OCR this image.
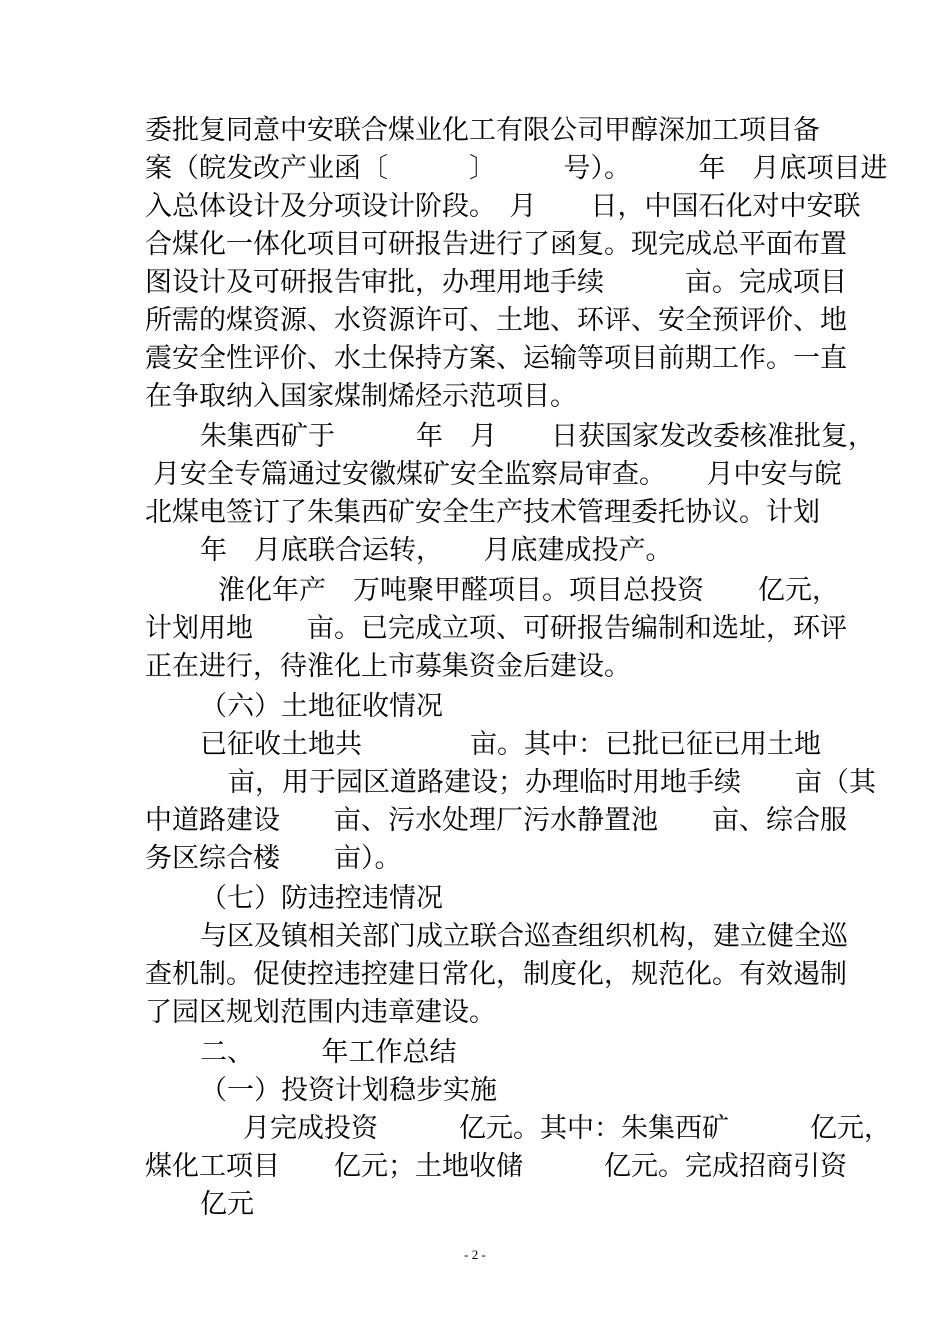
委批复同意中安联合煤业化工有限公司甲醇深加工项目备
案（皖发改产业函〔　　　〕　　　号）。　　　年　月底项目进
入总体设计及分项设计阶段。　月　　日，中国石化对中安联
合煤化一体化项目可研报告进行了函复。现完成总平面布置
图设计及可研报告审批，办理用地手续　　　亩。完成项目
所需的煤资源、水资源许可、土地、环评、安全预评价、地
震安全性评价、水土保持方案、运输等项目前期工作。一直
在争取纳入国家煤制烯烃示范项目。
朱集西矿于　　　年　月　　日获国家发改委核准批复，
月安全专篇通过安徽煤矿安全监察局审查。　　月中安与皖
北煤电签订了朱集西矿安全生产技术管理委托协议。计划
年　月底联合运转，　　月底建成投产。
淮化年产　万吨聚甲醛项目。项目总投资　　亿元，
计划用地　　亩。已完成立项、可研报告编制和选址，环评
正在进行，待淮化上市募集资金后建设。
（六）土地征收情况
已征收土地共　　　　亩。其中：已批已征已用土地
亩，用于园区道路建设；办理临时用地手续　　亩（其
中道路建设　　亩、污水处理厂污水静置池　　亩、综合服
务区综合楼　　亩）。
（七）防违控违情况
与区及镇相关部门成立联合巡查组织机构，建立健全巡
查机制。促使控违控建日常化，制度化，规范化。有效遏制
了园区规划范围内违章建设。
二、　　　年工作总结
（一）投资计划稳步实施
月完成投资　　　亿元。其中：朱集西矿　　　亿元，
煤化工项目　　亿元；土地收储　　　亿元。完成招商引资
亿元
- 2 -
